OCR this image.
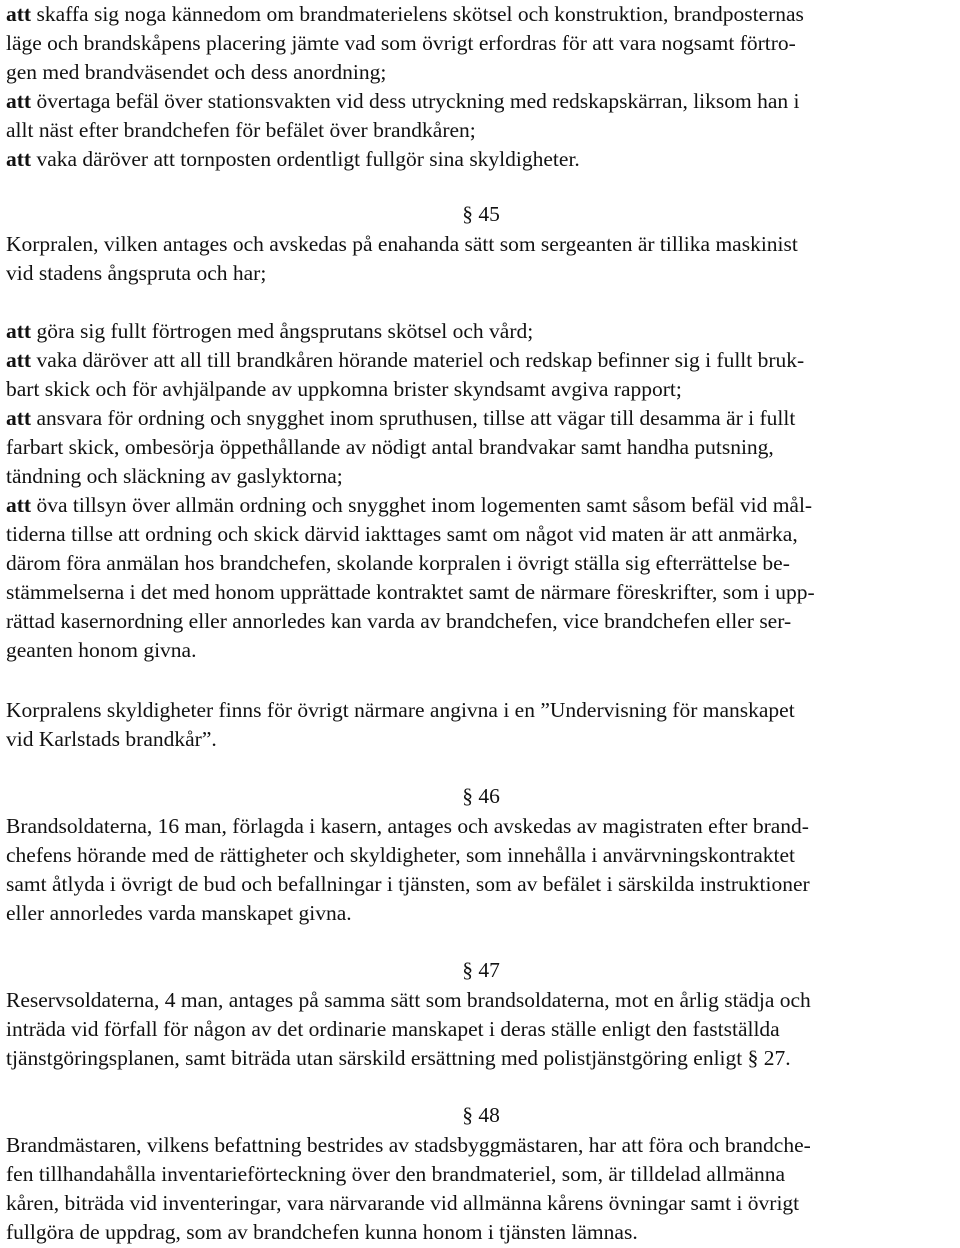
att skaffa sig noga kännedom om brandmaterielens skötsel och konstruktion, brandposternas
läge och brandskåpens placering jämte vad som övrigt erfordras för att vara nogsamt förtro-
gen med brandväsendet och dess anordning;
att övertaga befäl över stationsvakten vid dess utryckning med redskapskärran, liksom han i
allt näst efter brandchefen för befälet över brandkåren;
att vaka däröver att tornposten ordentligt fullgör sina skyldigheter.
§ 45
Korpralen, vilken antages och avskedas på enahanda sätt som sergeanten är tillika maskinist
vid stadens ångspruta och har;
att göra sig fullt förtrogen med ångsprutans skötsel och vård;
att vaka däröver att all till brandkåren hörande materiel och redskap befinner sig i fullt bruk-
bart skick och för avhjälpande av uppkomna brister skyndsamt avgiva rapport;
att ansvara för ordning och snygghet inom spruthusen, tillse att vägar till desamma är i fullt
farbart skick, ombesörja öppethållande av nödigt antal brandvakar samt handha putsning,
tändning och släckning av gaslyktorna;
att öva tillsyn över allmän ordning och snygghet inom logementen samt såsom befäl vid mål-
tiderna tillse att ordning och skick därvid iakttages samt om något vid maten är att anmärka,
därom föra anmälan hos brandchefen, skolande korpralen i övrigt ställa sig efterrättelse be-
stämmelserna i det med honom upprättade kontraktet samt de närmare föreskrifter, som i upp-
rättad kasernordning eller annorledes kan varda av brandchefen, vice brandchefen eller ser-
geanten honom givna.
Korpralens skyldigheter finns för övrigt närmare angivna i en ”Undervisning för manskapet
vid Karlstads brandkår”.
§ 46
Brandsoldaterna, 16 man, förlagda i kasern, antages och avskedas av magistraten efter brand-
chefens hörande med de rättigheter och skyldigheter, som innehålla i anvärvningskontraktet
samt åtlyda i övrigt de bud och befallningar i tjänsten, som av befälet i särskilda instruktioner
eller annorledes varda manskapet givna.
§ 47
Reservsoldaterna, 4 man, antages på samma sätt som brandsoldaterna, mot en årlig städja och
inträda vid förfall för någon av det ordinarie manskapet i deras ställe enligt den fastställda
tjänstgöringsplanen, samt biträda utan särskild ersättning med polistjänstgöring enligt § 27.
§ 48
Brandmästaren, vilkens befattning bestrides av stadsbyggmästaren, har att föra och brandche-
fen tillhandahålla inventarieförteckning över den brandmateriel, som, är tilldelad allmänna
kåren, biträda vid inventeringar, vara närvarande vid allmänna kårens övningar samt i övrigt
fullgöra de uppdrag, som av brandchefen kunna honom i tjänsten lämnas.
